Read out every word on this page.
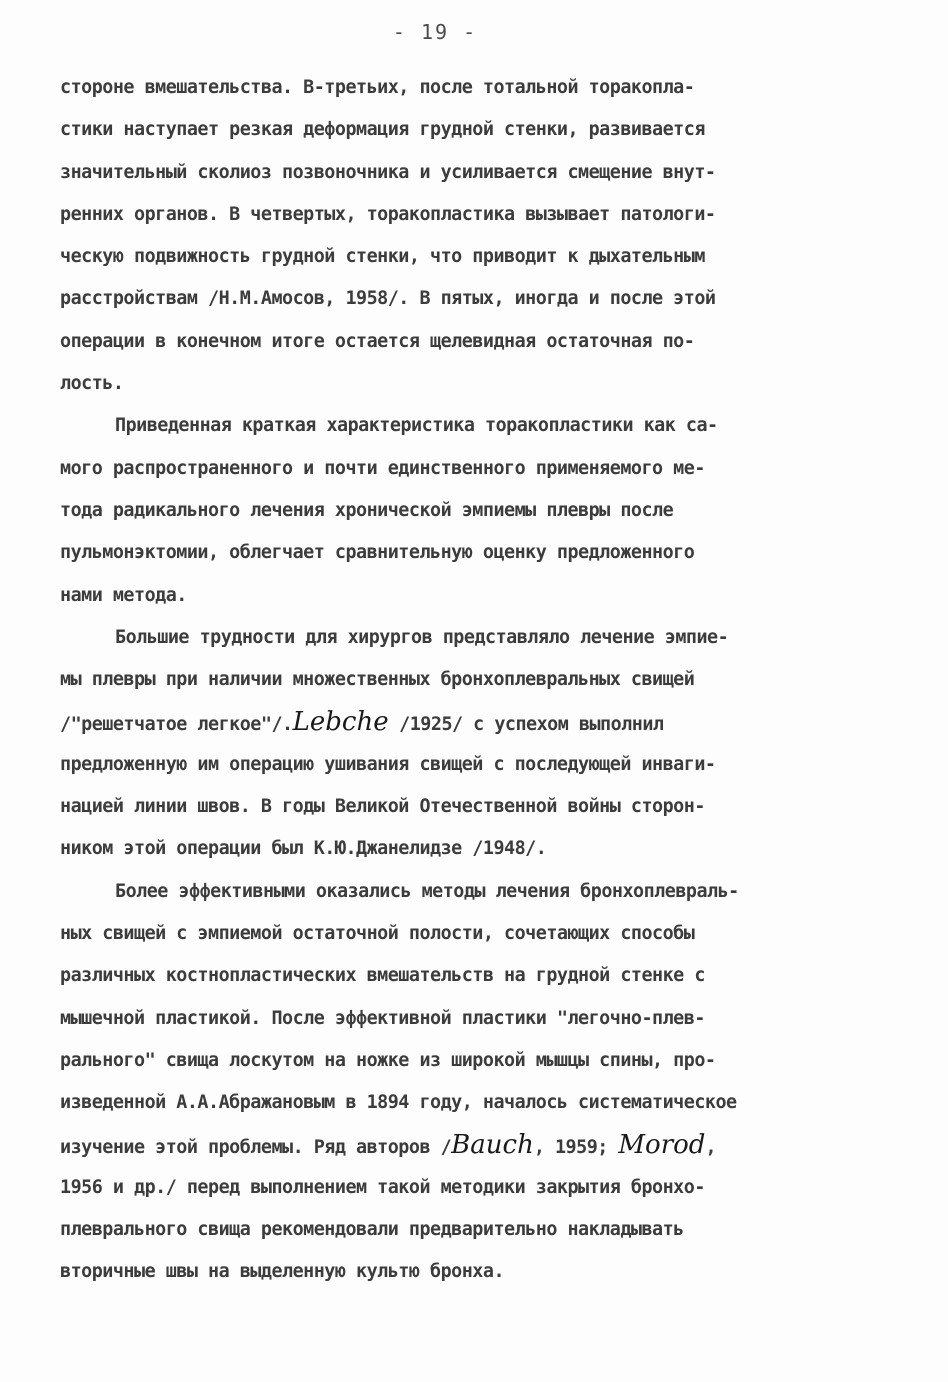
- 19 -
стороне вмешательства. В-третьих, после тотальной торакопла-
стики наступает резкая деформация грудной стенки, развивается
значительный сколиоз позвоночника и усиливается смещение внут-
ренних органов. В четвертых, торакопластика вызывает патологи-
ческую подвижность грудной стенки, что приводит к дыхательным
расстройствам /Н.М.Амосов, 1958/. В пятых, иногда и после этой
операции в конечном итоге остается щелевидная остаточная по-
лость.
Приведенная краткая характеристика торакопластики как са-
мого распространенного и почти единственного применяемого ме-
тода радикального лечения хронической эмпиемы плевры после
пульмонэктомии, облегчает сравнительную оценку предложенного
нами метода.
Большие трудности для хирургов представляло лечение эмпие-
мы плевры при наличии множественных бронхоплевральных свищей
/"решетчатое легкое"/.Lebche /1925/ с успехом выполнил
предложенную им операцию ушивания свищей с последующей инваги-
нацией линии швов. В годы Великой Отечественной войны сторон-
ником этой операции был К.Ю.Джанелидзе /1948/.
Более эффективными оказались методы лечения бронхоплевраль-
ных свищей с эмпиемой остаточной полости, сочетающих способы
различных костнопластических вмешательств на грудной стенке с
мышечной пластикой. После эффективной пластики "легочно-плев-
рального" свища лоскутом на ножке из широкой мышцы спины, про-
изведенной А.А.Абражановым в 1894 году, началось систематическое
изучение этой проблемы. Ряд авторов /Bauch, 1959; Morod,
1956 и др./ перед выполнением такой методики закрытия бронхо-
плеврального свища рекомендовали предварительно накладывать
вторичные швы на выделенную культю бронха.
